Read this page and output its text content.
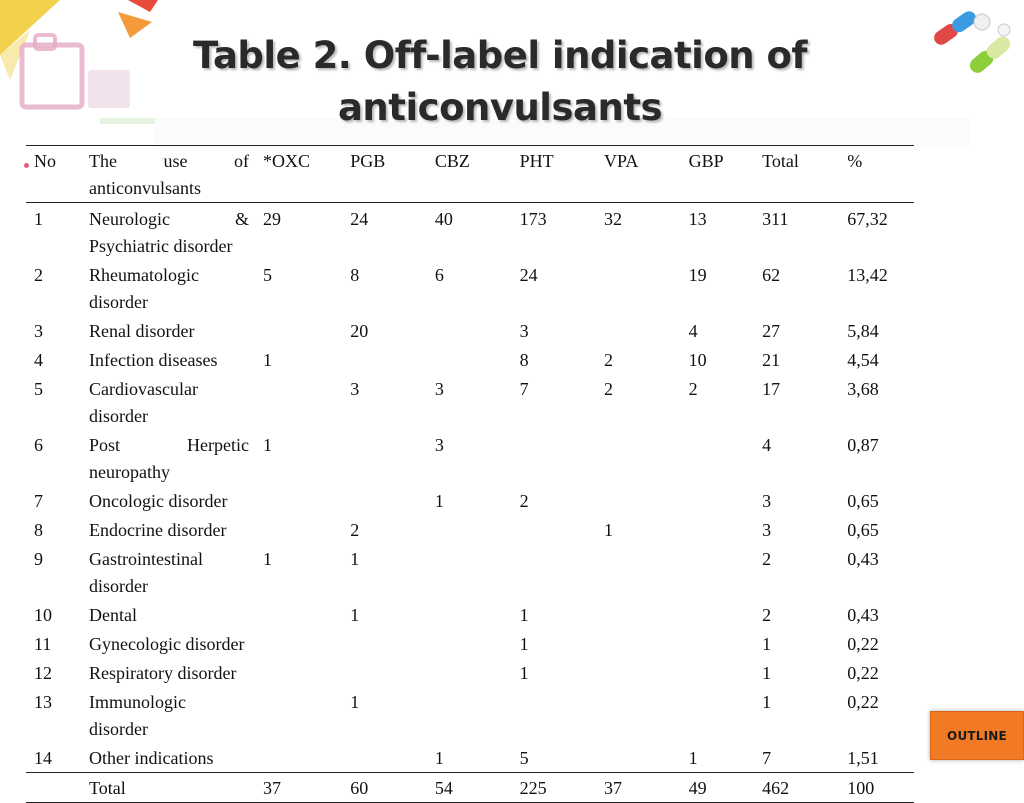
Table 2. Off-label indication of anticonvulsants
No	The use of anticonvulsants	*OXC	PGB	CBZ	PHT	VPA	GBP	Total	%
1	Neurologic & Psychiatric disorder	29	24	40	173	32	13	311	67,32
2	Rheumatologic disorder	5	8	6	24		19	62	13,42
3	Renal disorder		20		3		4	27	5,84
4	Infection diseases	1			8	2	10	21	4,54
5	Cardiovascular disorder		3	3	7	2	2	17	3,68
6	Post Herpetic neuropathy	1		3				4	0,87
7	Oncologic disorder			1	2			3	0,65
8	Endocrine disorder		2			1		3	0,65
9	Gastrointestinal disorder	1	1					2	0,43
10	Dental		1		1			2	0,43
11	Gynecologic disorder				1			1	0,22
12	Respiratory disorder				1			1	0,22
13	Immunologic disorder		1					1	0,22
14	Other indications			1	5		1	7	1,51
	Total	37	60	54	225	37	49	462	100
OUTLINE
